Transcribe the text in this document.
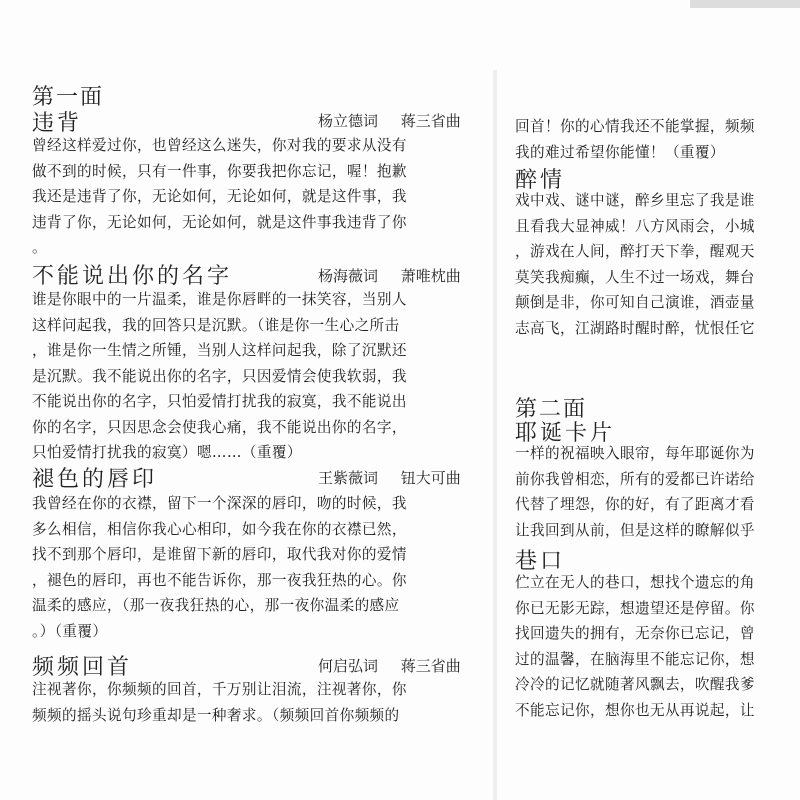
第一面
违背	杨立德词 蒋三省曲
曾经这样爱过你，也曾经这么迷失，你对我的要求从没有
做不到的时候，只有一件事，你要我把你忘记，喔！抱歉
我还是违背了你，无论如何，无论如何，就是这件事，我
违背了你，无论如何，无论如何，就是这件事我违背了你
。
不能说出你的名字	杨海薇词 萧唯枕曲
谁是你眼中的一片温柔，谁是你唇畔的一抹笑容，当别人
这样问起我，我的回答只是沉默。（谁是你一生心之所击
，谁是你一生情之所锺，当别人这样问起我，除了沉默还
是沉默。我不能说出你的名字，只因爱情会使我软弱，我
不能说出你的名字，只怕爱情打扰我的寂寞，我不能说出
你的名字，只因思念会使我心痛，我不能说出你的名字，
只怕爱情打扰我的寂寞）嗯……（重覆）
褪色的唇印	王紫薇词 钮大可曲
我曾经在你的衣襟，留下一个深深的唇印，吻的时候，我
多么相信，相信你我心心相印，如今我在你的衣襟已然，
找不到那个唇印，是谁留下新的唇印，取代我对你的爱情
，褪色的唇印，再也不能告诉你，那一夜我狂热的心。你
温柔的感应，（那一夜我狂热的心，那一夜你温柔的感应
。）（重覆）
频频回首	何启弘词 蒋三省曲
注视著你，你频频的回首，千万别让泪流，注视著你，你
频频的摇头说句珍重却是一种奢求。（频频回首你频频的
回首！你的心情我还不能掌握，频频
我的难过希望你能懂！（重覆）
醉情
戏中戏、谜中谜，醉乡里忘了我是谁
且看我大显神威！八方风雨会，小城
，游戏在人间，醉打天下拳，醒观天
莫笑我痴癫，人生不过一场戏，舞台
颠倒是非，你可知自己演谁，酒壶量
志高飞，江湖路时醒时醉，忧恨任它
第二面
耶诞卡片
一样的祝福映入眼帘，每年耶诞你为
前你我曾相恋，所有的爱都已许诺给
代替了埋怨，你的好，有了距离才看
让我回到从前，但是这样的瞭解似乎
巷口
伫立在无人的巷口，想找个遗忘的角
你已无影无踪，想遗望还是停留。你
找回遗失的拥有，无奈你已忘记，曾
过的温馨，在脑海里不能忘记你，想
冷冷的记忆就随著风飘去，吹醒我爹
不能忘记你，想你也无从再说起，让
